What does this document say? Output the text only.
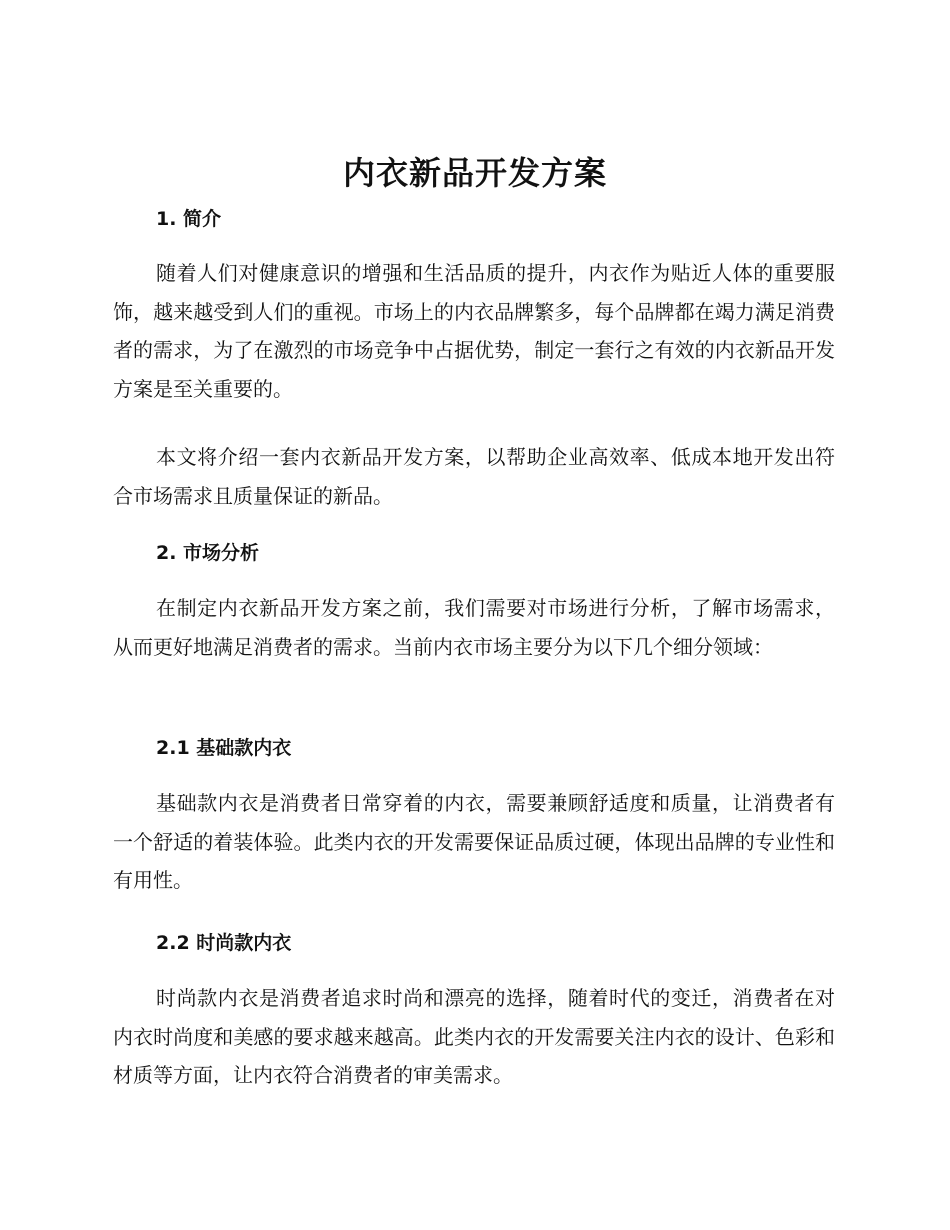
内衣新品开发方案
1. 简介

随着人们对健康意识的增强和生活品质的提升，内衣作为贴近人体的重要服饰，越来越受到人们的重视。市场上的内衣品牌繁多，每个品牌都在竭力满足消费者的需求，为了在激烈的市场竞争中占据优势，制定一套行之有效的内衣新品开发方案是至关重要的。

本文将介绍一套内衣新品开发方案，以帮助企业高效率、低成本地开发出符合市场需求且质量保证的新品。

2. 市场分析

在制定内衣新品开发方案之前，我们需要对市场进行分析，了解市场需求，从而更好地满足消费者的需求。当前内衣市场主要分为以下几个细分领域：

2.1 基础款内衣

基础款内衣是消费者日常穿着的内衣，需要兼顾舒适度和质量，让消费者有一个舒适的着装体验。此类内衣的开发需要保证品质过硬，体现出品牌的专业性和有用性。

2.2 时尚款内衣

时尚款内衣是消费者追求时尚和漂亮的选择，随着时代的变迁，消费者在对内衣时尚度和美感的要求越来越高。此类内衣的开发需要关注内衣的设计、色彩和材质等方面，让内衣符合消费者的审美需求。
